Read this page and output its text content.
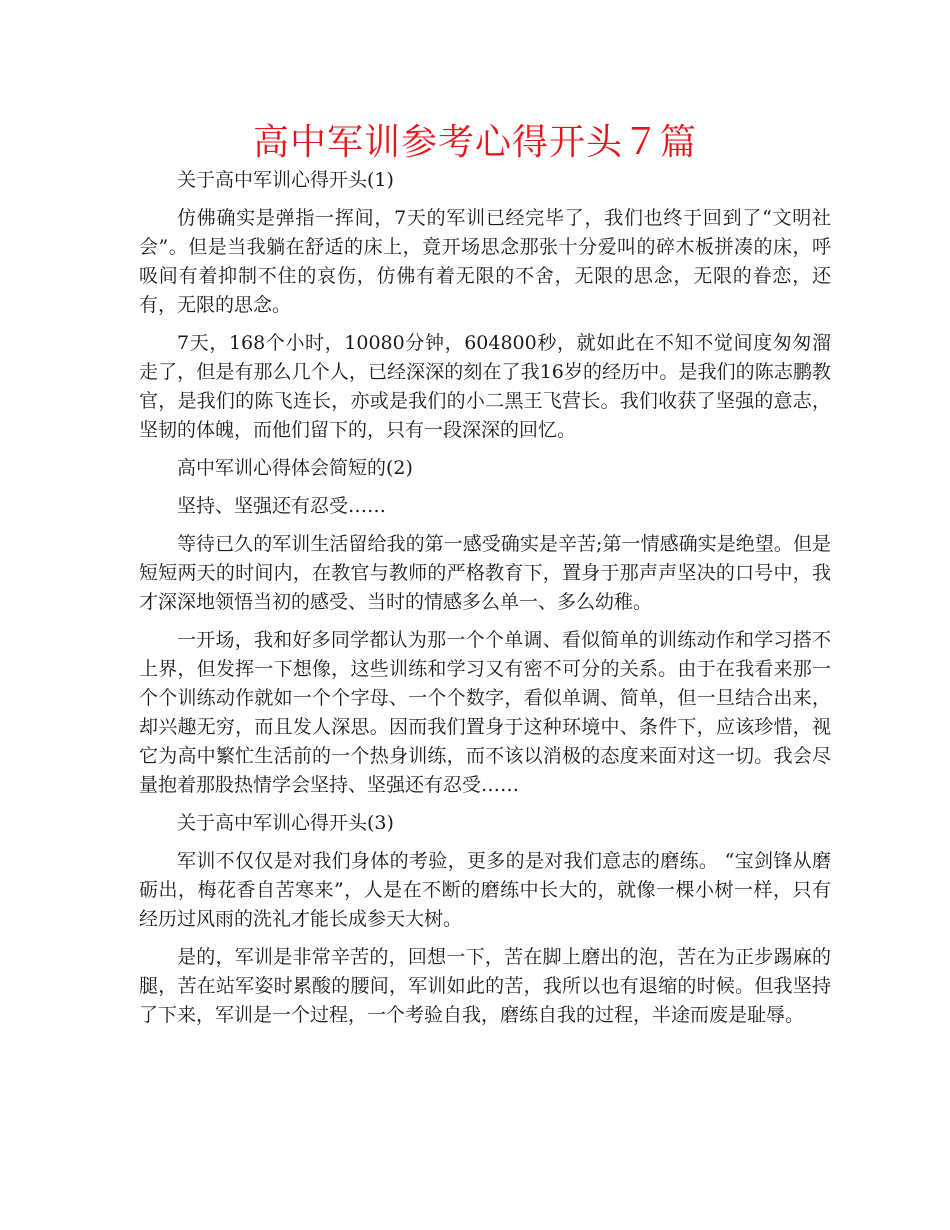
高中军训参考心得开头７篇

关于高中军训心得开头(1)

仿佛确实是弹指一挥间，7天的军训已经完毕了，我们也终于回到了“文明社会”。但是当我躺在舒适的床上，竟开场思念那张十分爱叫的碎木板拼凑的床，呼吸间有着抑制不住的哀伤，仿佛有着无限的不舍，无限的思念，无限的眷恋，还有，无限的思念。

7天，168个小时，10080分钟，604800秒，就如此在不知不觉间度匆匆溜走了，但是有那么几个人，已经深深的刻在了我16岁的经历中。是我们的陈志鹏教官，是我们的陈飞连长，亦或是我们的小二黑王飞营长。我们收获了坚强的意志，坚韧的体魄，而他们留下的，只有一段深深的回忆。

高中军训心得体会简短的(2)

坚持、坚强还有忍受……

等待已久的军训生活留给我的第一感受确实是辛苦;第一情感确实是绝望。但是短短两天的时间内，在教官与教师的严格教育下，置身于那声声坚决的口号中，我才深深地领悟当初的感受、当时的情感多么单一、多么幼稚。

一开场，我和好多同学都认为那一个个单调、看似简单的训练动作和学习搭不上界，但发挥一下想像，这些训练和学习又有密不可分的关系。由于在我看来那一个个训练动作就如一个个字母、一个个数字，看似单调、简单，但一旦结合出来，却兴趣无穷，而且发人深思。因而我们置身于这种环境中、条件下，应该珍惜，视它为高中繁忙生活前的一个热身训练，而不该以消极的态度来面对这一切。我会尽量抱着那股热情学会坚持、坚强还有忍受……

关于高中军训心得开头(3)

军训不仅仅是对我们身体的考验，更多的是对我们意志的磨练。 “宝剑锋从磨砺出，梅花香自苦寒来”，人是在不断的磨练中长大的，就像一棵小树一样，只有经历过风雨的洗礼才能长成参天大树。

是的，军训是非常辛苦的，回想一下，苦在脚上磨出的泡，苦在为正步踢麻的腿，苦在站军姿时累酸的腰间，军训如此的苦，我所以也有退缩的时候。但我坚持了下来，军训是一个过程，一个考验自我，磨练自我的过程，半途而废是耻辱。
